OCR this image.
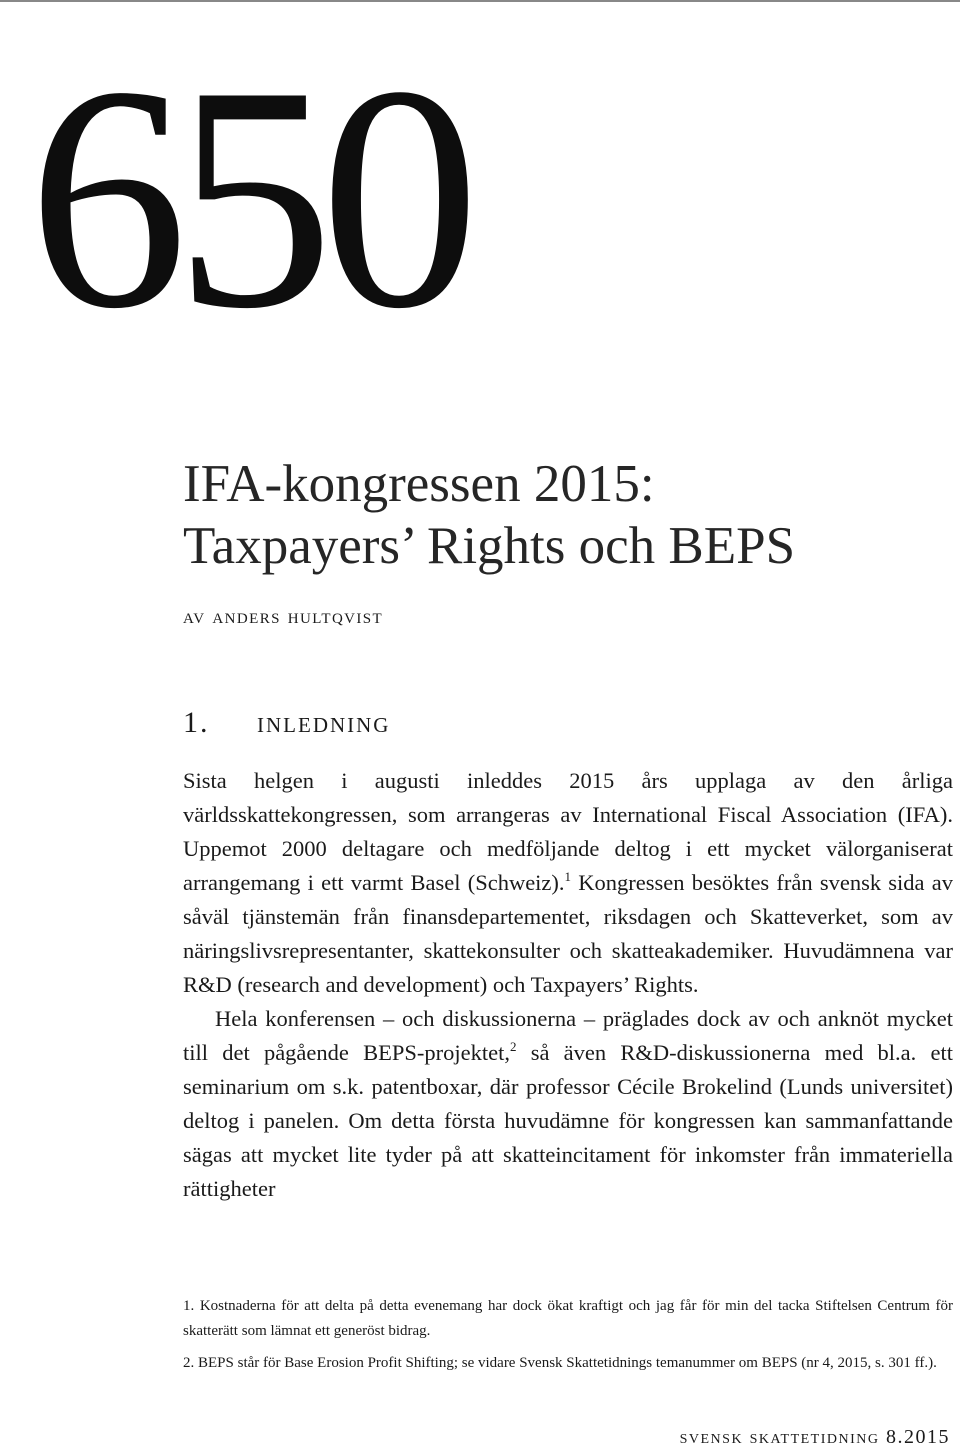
650
IFA-kongressen 2015:
Taxpayers’ Rights och BEPS
av anders hultqvist
1. inledning

Sista helgen i augusti inleddes 2015 års upplaga av den årliga världsskattekongressen, som arrangeras av International Fiscal Association (IFA). Uppemot 2000 deltagare och medföljande deltog i ett mycket välorganiserat arrangemang i ett varmt Basel (Schweiz).$^1$ Kongressen besöktes från svensk sida av såväl tjänstemän från finansdepartementet, riksdagen och Skatteverket, som av näringslivsrepresentanter, skattekonsulter och skatteakademiker. Huvudämnena var R&D (research and development) och Taxpayers’ Rights.

Hela konferensen – och diskussionerna – präglades dock av och anknöt mycket till det pågående BEPS-projektet,$^2$ så även R&D-diskussionerna med bl.a. ett seminarium om s.k. patentboxar, där professor Cécile Brokelind (Lunds universitet) deltog i panelen. Om detta första huvudämne för kongressen kan sammanfattande sägas att mycket lite tyder på att skatteincitament för inkomster från immateriella rättigheter

1. Kostnaderna för att delta på detta evenemang har dock ökat kraftigt och jag får för min del tacka Stiftelsen Centrum för skatterätt som lämnat ett generöst bidrag.

2. BEPS står för Base Erosion Profit Shifting; se vidare Svensk Skattetidnings temanummer om BEPS (nr 4, 2015, s. 301 ff.).

svensk skattetidning 8.2015
